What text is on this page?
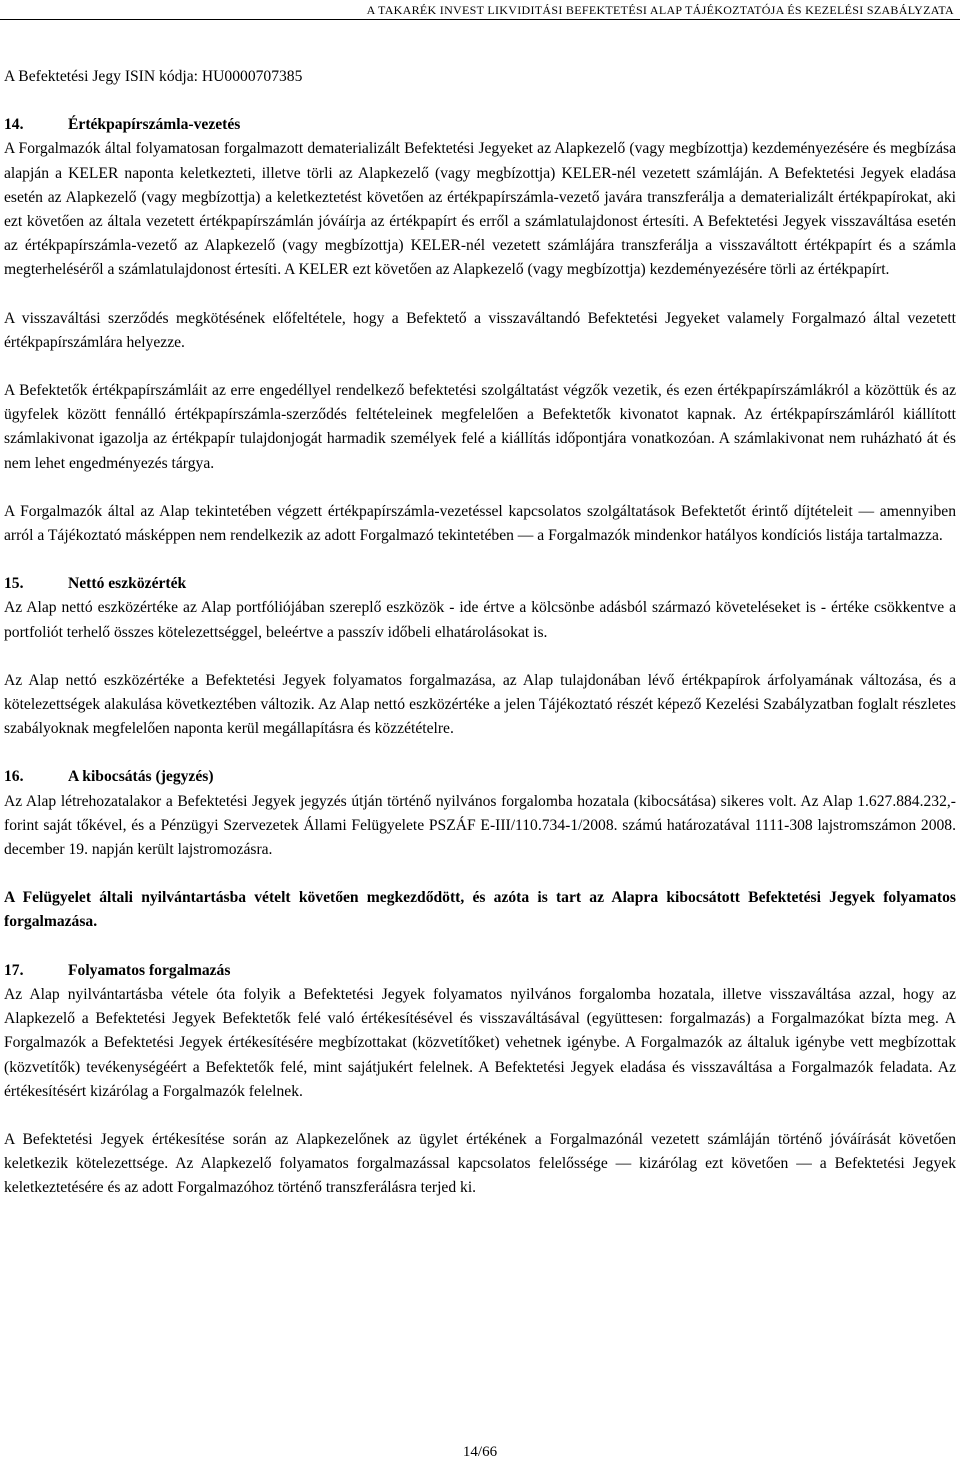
A TAKARÉK INVEST LIKVIDITÁSI BEFEKTETÉSI ALAP TÁJÉKOZTATÓJA ÉS KEZELÉSI SZABÁLYZATA

A Befektetési Jegy ISIN kódja: HU0000707385

14.	Értékpapírszámla-vezetés

A Forgalmazók által folyamatosan forgalmazott dematerializált Befektetési Jegyeket az Alapkezelő (vagy megbízottja) kezdeményezésére és megbízása alapján a KELER naponta keletkezteti, illetve törli az Alapkezelő (vagy megbízottja) KELER-nél vezetett számláján. A Befektetési Jegyek eladása esetén az Alapkezelő (vagy megbízottja) a keletkeztetést követően az értékpapírszámla-vezető javára transzferálja a dematerializált értékpapírokat, aki ezt követően az általa vezetett értékpapírszámlán jóváírja az értékpapírt és erről a számlatulajdonost értesíti. A Befektetési Jegyek visszaváltása esetén az értékpapírszámla-vezető az Alapkezelő (vagy megbízottja) KELER-nél vezetett számlájára transzferálja a visszaváltott értékpapírt és a számla megterheléséről a számlatulajdonost értesíti. A KELER ezt követően az Alapkezelő (vagy megbízottja) kezdeményezésére törli az értékpapírt.

A visszaváltási szerződés megkötésének előfeltétele, hogy a Befektető a visszaváltandó Befektetési Jegyeket valamely Forgalmazó által vezetett értékpapírszámlára helyezze.

A Befektetők értékpapírszámláit az erre engedéllyel rendelkező befektetési szolgáltatást végzők vezetik, és ezen értékpapírszámlákról a közöttük és az ügyfelek között fennálló értékpapírszámla-szerződés feltételeinek megfelelően a Befektetők kivonatot kapnak. Az értékpapírszámláról kiállított számlakivonat igazolja az értékpapír tulajdonjogát harmadik személyek felé a kiállítás időpontjára vonatkozóan. A számlakivonat nem ruházható át és nem lehet engedményezés tárgya.

A Forgalmazók által az Alap tekintetében végzett értékpapírszámla-vezetéssel kapcsolatos szolgáltatások Befektetőt érintő díjtételeit — amennyiben arról a Tájékoztató másképpen nem rendelkezik az adott Forgalmazó tekintetében — a Forgalmazók mindenkor hatályos kondíciós listája tartalmazza.

15.	Nettó eszközérték

Az Alap nettó eszközértéke az Alap portfóliójában szereplő eszközök - ide értve a kölcsönbe adásból származó követeléseket is - értéke csökkentve a portfoliót terhelő összes kötelezettséggel, beleértve a passzív időbeli elhatárolásokat is.

Az Alap nettó eszközértéke a Befektetési Jegyek folyamatos forgalmazása, az Alap tulajdonában lévő értékpapírok árfolyamának változása, és a kötelezettségek alakulása következtében változik. Az Alap nettó eszközértéke a jelen Tájékoztató részét képező Kezelési Szabályzatban foglalt részletes szabályoknak megfelelően naponta kerül megállapításra és közzétételre.

16.	A kibocsátás (jegyzés)

Az Alap létrehozatalakor a Befektetési Jegyek jegyzés útján történő nyilvános forgalomba hozatala (kibocsátása) sikeres volt. Az Alap 1.627.884.232,- forint saját tőkével, és a Pénzügyi Szervezetek Állami Felügyelete PSZÁF E-III/110.734-1/2008. számú határozatával 1111-308 lajstromszámon 2008. december 19. napján került lajstromozásra.

A Felügyelet általi nyilvántartásba vételt követően megkezdődött, és azóta is tart az Alapra kibocsátott Befektetési Jegyek folyamatos forgalmazása.

17.	Folyamatos forgalmazás

Az Alap nyilvántartásba vétele óta folyik a Befektetési Jegyek folyamatos nyilvános forgalomba hozatala, illetve visszaváltása azzal, hogy az Alapkezelő a Befektetési Jegyek Befektetők felé való értékesítésével és visszaváltásával (együttesen: forgalmazás) a Forgalmazókat bízta meg. A Forgalmazók a Befektetési Jegyek értékesítésére megbízottakat (közvetítőket) vehetnek igénybe. A Forgalmazók az általuk igénybe vett megbízottak (közvetítők) tevékenységéért a Befektetők felé, mint sajátjukért felelnek. A Befektetési Jegyek eladása és visszaváltása a Forgalmazók feladata. Az értékesítésért kizárólag a Forgalmazók felelnek.

A Befektetési Jegyek értékesítése során az Alapkezelőnek az ügylet értékének a Forgalmazónál vezetett számláján történő jóváírását követően keletkezik kötelezettsége. Az Alapkezelő folyamatos forgalmazással kapcsolatos felelőssége — kizárólag ezt követően — a Befektetési Jegyek keletkeztetésére és az adott Forgalmazóhoz történő transzferálásra terjed ki.

14/66
